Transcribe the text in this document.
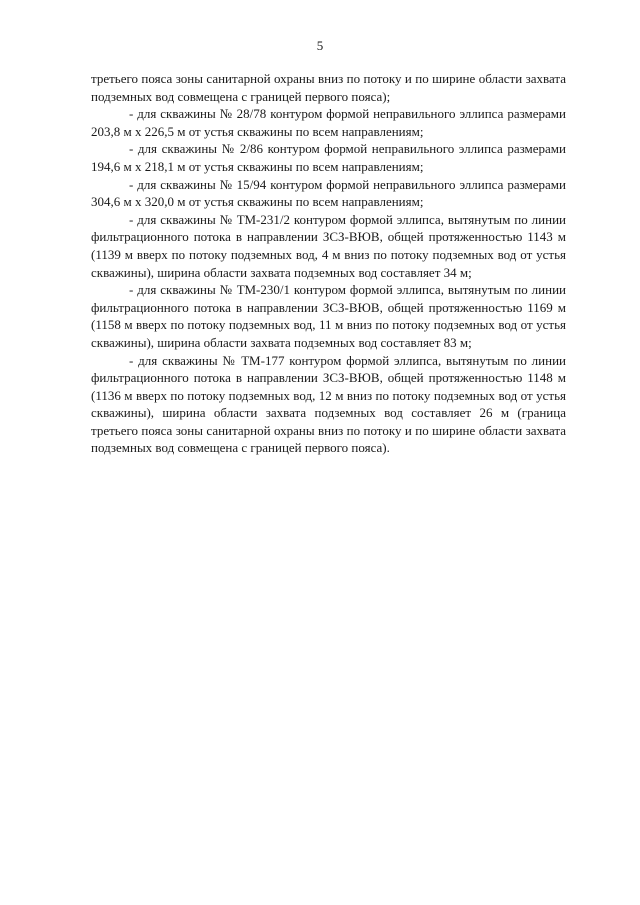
5

третьего пояса зоны санитарной охраны вниз по потоку и по ширине области захвата подземных вод совмещена с границей первого пояса);

- для скважины № 28/78 контуром формой неправильного эллипса размерами 203,8 м х 226,5 м от устья скважины по всем направлениям;

- для скважины № 2/86 контуром формой неправильного эллипса размерами 194,6 м х 218,1 м от устья скважины по всем направлениям;

- для скважины № 15/94 контуром формой неправильного эллипса размерами 304,6 м х 320,0 м от устья скважины по всем направлениям;

- для скважины № ТМ-231/2 контуром формой эллипса, вытянутым по линии фильтрационного потока в направлении ЗСЗ-ВЮВ, общей протяженностью 1143 м (1139 м вверх по потоку подземных вод, 4 м вниз по потоку подземных вод от устья скважины), ширина области захвата подземных вод составляет 34 м;

- для скважины № ТМ-230/1 контуром формой эллипса, вытянутым по линии фильтрационного потока в направлении ЗСЗ-ВЮВ, общей протяженностью 1169 м (1158 м вверх по потоку подземных вод, 11 м вниз по потоку подземных вод от устья скважины), ширина области захвата подземных вод составляет 83 м;

- для скважины № ТМ-177 контуром формой эллипса, вытянутым по линии фильтрационного потока в направлении ЗСЗ-ВЮВ, общей протяженностью 1148 м (1136 м вверх по потоку подземных вод, 12 м вниз по потоку подземных вод от устья скважины), ширина области захвата подземных вод составляет 26 м (граница третьего пояса зоны санитарной охраны вниз по потоку и по ширине области захвата подземных вод совмещена с границей первого пояса).
